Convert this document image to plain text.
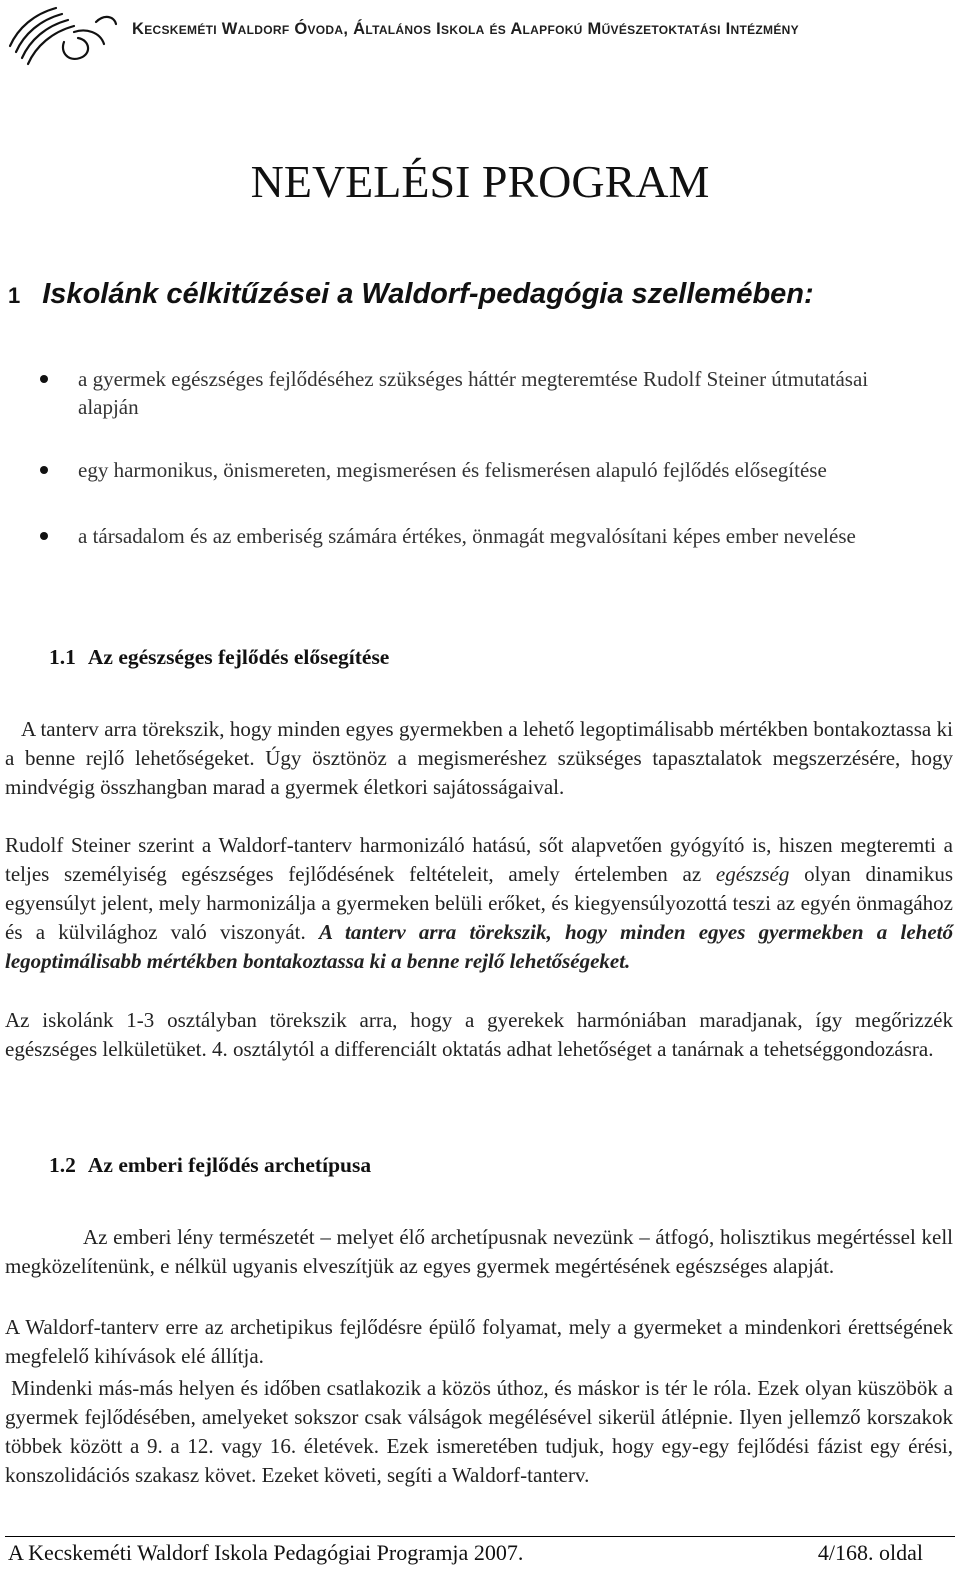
Kecskeméti Waldorf Óvoda, Általános Iskola és Alapfokú Művészetoktatási Intézmény
NEVELÉSI PROGRAM
1 Iskolánk célkitűzései a Waldorf-pedagógia szellemében:
a gyermek egészséges fejlődéséhez szükséges háttér megteremtése Rudolf Steiner útmutatásai alapján
egy harmonikus, önismereten, megismerésen és felismerésen alapuló fejlődés elősegítése
a társadalom és az emberiség számára értékes, önmagát megvalósítani képes ember nevelése
1.1 Az egészséges fejlődés elősegítése

A tanterv arra törekszik, hogy minden egyes gyermekben a lehető legoptimálisabb mértékben bontakoztassa ki a benne rejlő lehetőségeket. Úgy ösztönöz a megismeréshez szükséges tapasztalatok megszerzésére, hogy mindvégig összhangban marad a gyermek életkori sajátosságaival.

Rudolf Steiner szerint a Waldorf-tanterv harmonizáló hatású, sőt alapvetően gyógyító is, hiszen megteremti a teljes személyiség egészséges fejlődésének feltételeit, amely értelemben az egészség olyan dinamikus egyensúlyt jelent, mely harmonizálja a gyermeken belüli erőket, és kiegyensúlyozottá teszi az egyén önmagához és a külvilághoz való viszonyát. A tanterv arra törekszik, hogy minden egyes gyermekben a lehető legoptimálisabb mértékben bontakoztassa ki a benne rejlő lehetőségeket.

Az iskolánk 1-3 osztályban törekszik arra, hogy a gyerekek harmóniában maradjanak, így megőrizzék egészséges lelkületüket. 4. osztálytól a differenciált oktatás adhat lehetőséget a tanárnak a tehetséggondozásra.

1.2 Az emberi fejlődés archetípusa

Az emberi lény természetét – melyet élő archetípusnak nevezünk – átfogó, holisztikus megértéssel kell megközelítenünk, e nélkül ugyanis elveszítjük az egyes gyermek megértésének egészséges alapját.

A Waldorf-tanterv erre az archetipikus fejlődésre épülő folyamat, mely a gyermeket a mindenkori érettségének megfelelő kihívások elé állítja.

Mindenki más-más helyen és időben csatlakozik a közös úthoz, és máskor is tér le róla. Ezek olyan küszöbök a gyermek fejlődésében, amelyeket sokszor csak válságok megélésével sikerül átlépnie. Ilyen jellemző korszakok többek között a 9. a 12. vagy 16. életévek. Ezek ismeretében tudjuk, hogy egy-egy fejlődési fázist egy érési, konszolidációs szakasz követ. Ezeket követi, segíti a Waldorf-tanterv.

A Kecskeméti Waldorf Iskola Pedagógiai Programja 2007.	4/168. oldal
